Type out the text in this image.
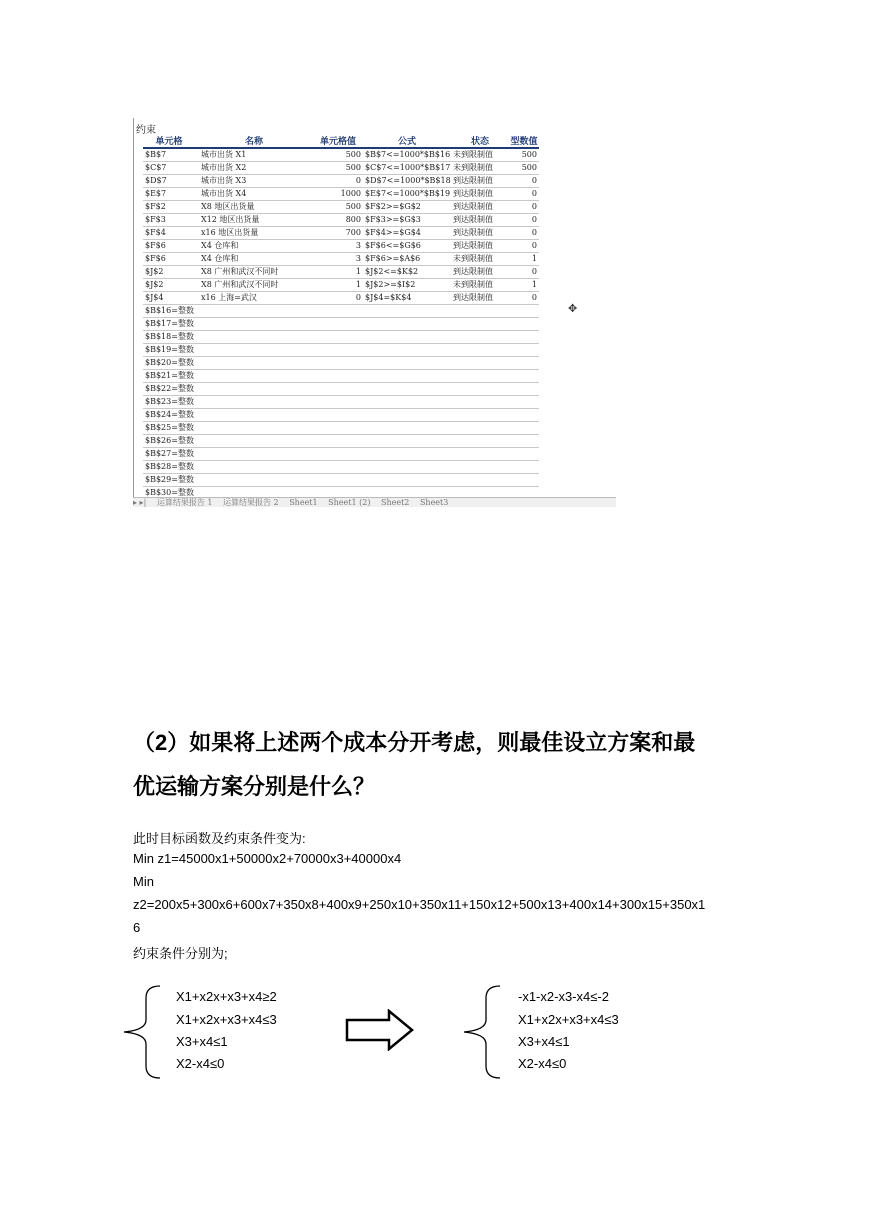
约束
单元格	名称	单元格值	公式	状态	型数值
$B$7	城市出货 X1	500	$B$7<=1000*$B$16	未到限制值	500
$C$7	城市出货 X2	500	$C$7<=1000*$B$17	未到限制值	500
$D$7	城市出货 X3	0	$D$7<=1000*$B$18	到达限制值	0
$E$7	城市出货 X4	1000	$E$7<=1000*$B$19	到达限制值	0
$F$2	X8 地区出货量	500	$F$2>=$G$2	到达限制值	0
$F$3	X12 地区出货量	800	$F$3>=$G$3	到达限制值	0
$F$4	x16 地区出货量	700	$F$4>=$G$4	到达限制值	0
$F$6	X4 仓库和	3	$F$6<=$G$6	到达限制值	0
$F$6	X4 仓库和	3	$F$6>=$A$6	未到限制值	1
$J$2	X8 广州和武汉不同时	1	$J$2<=$K$2	到达限制值	0
$J$2	X8 广州和武汉不同时	1	$J$2>=$I$2	未到限制值	1
$J$4	x16 上海=武汉	0	$J$4=$K$4	到达限制值	0
$B$16=整数					
$B$17=整数					
$B$18=整数					
$B$19=整数					
$B$20=整数					
$B$21=整数					
$B$22=整数					
$B$23=整数					
$B$24=整数					
$B$25=整数					
$B$26=整数					
$B$27=整数					
$B$28=整数					
$B$29=整数					
$B$30=整数					
▸ ▸| 运算结果报告 1 运算结果报告 2 Sheet1 Sheet1 (2) Sheet2 Sheet3
✥
（2）如果将上述两个成本分开考虑，则最佳设立方案和最
优运输方案分别是什么？
此时目标函数及约束条件变为:
Min z1=45000x1+50000x2+70000x3+40000x4
Min
z2=200x5+300x6+600x7+350x8+400x9+250x10+350x11+150x12+500x13+400x14+300x15+350x1
6
约束条件分别为;
X1+x2x+x3+x4≥2
X1+x2x+x3+x4≤3
X3+x4≤1
X2-x4≤0
-x1-x2-x3-x4≤-2
X1+x2x+x3+x4≤3
X3+x4≤1
X2-x4≤0
